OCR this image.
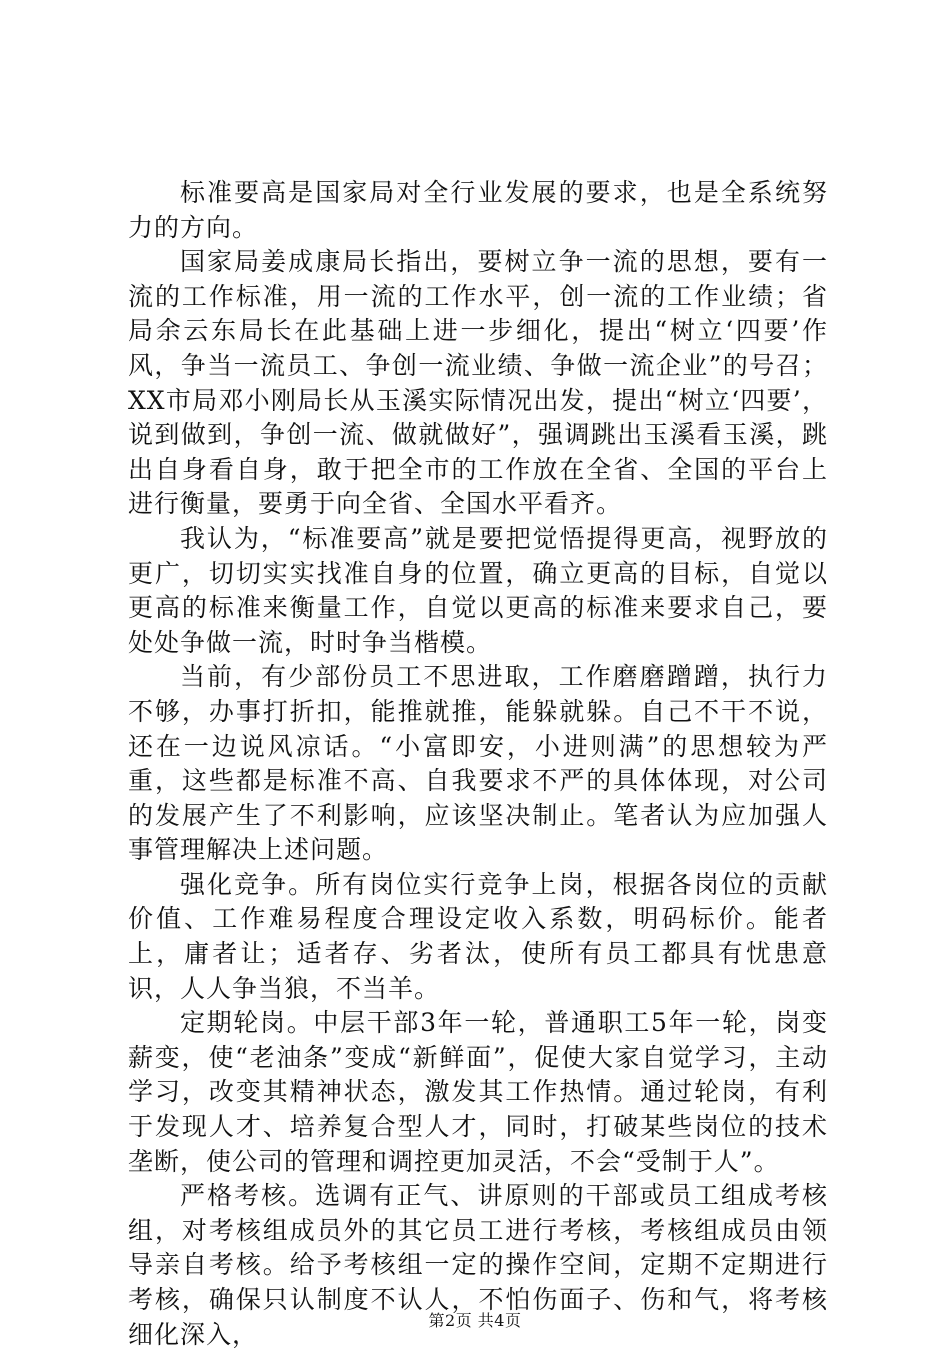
标准要高是国家局对全行业发展的要求，也是全系统努力的方向。

国家局姜成康局长指出，要树立争一流的思想，要有一流的工作标准，用一流的工作水平，创一流的工作业绩；省局余云东局长在此基础上进一步细化，提出“树立‘四要’作风，争当一流员工、争创一流业绩、争做一流企业”的号召；XX市局邓小刚局长从玉溪实际情况出发，提出“树立‘四要’，说到做到，争创一流、做就做好”，强调跳出玉溪看玉溪，跳出自身看自身，敢于把全市的工作放在全省、全国的平台上进行衡量，要勇于向全省、全国水平看齐。

我认为，“标准要高”就是要把觉悟提得更高，视野放的更广，切切实实找准自身的位置，确立更高的目标，自觉以更高的标准来衡量工作，自觉以更高的标准来要求自己，要处处争做一流，时时争当楷模。

当前，有少部份员工不思进取，工作磨磨蹭蹭，执行力不够，办事打折扣，能推就推，能躲就躲。自己不干不说，还在一边说风凉话。“小富即安，小进则满”的思想较为严重，这些都是标准不高、自我要求不严的具体体现，对公司的发展产生了不利影响，应该坚决制止。笔者认为应加强人事管理解决上述问题。

强化竞争。所有岗位实行竞争上岗，根据各岗位的贡献价值、工作难易程度合理设定收入系数，明码标价。能者上，庸者让；适者存、劣者汰，使所有员工都具有忧患意识，人人争当狼，不当羊。

定期轮岗。中层干部3年一轮，普通职工5年一轮，岗变薪变，使“老油条”变成“新鲜面”，促使大家自觉学习，主动学习，改变其精神状态，激发其工作热情。通过轮岗，有利于发现人才、培养复合型人才，同时，打破某些岗位的技术垄断，使公司的管理和调控更加灵活，不会“受制于人”。

严格考核。选调有正气、讲原则的干部或员工组成考核组，对考核组成员外的其它员工进行考核，考核组成员由领导亲自考核。给予考核组一定的操作空间，定期不定期进行考核，确保只认制度不认人，不怕伤面子、伤和气，将考核细化深入，	第2页 共4页
